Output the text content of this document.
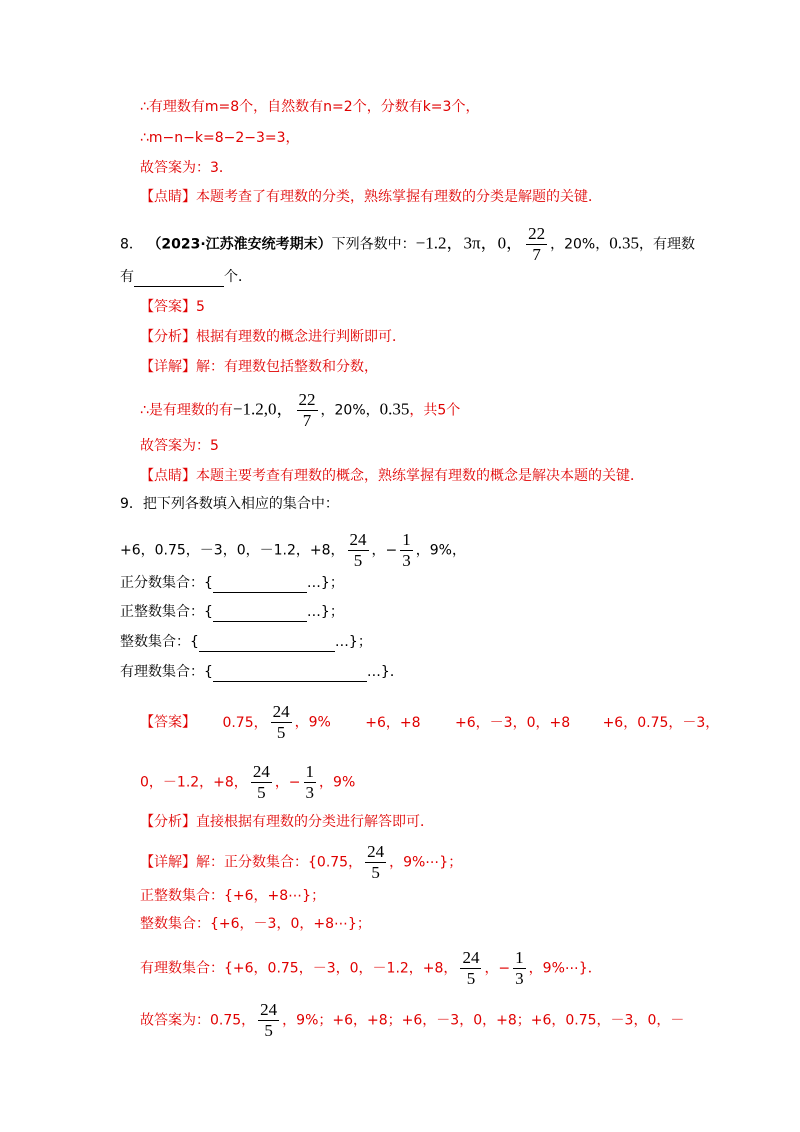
∴有理数有m=8个，自然数有n=2个，分数有k=3个，
∴m−n−k=8−2−3=3，
故答案为：3．
【点睛】本题考查了有理数的分类，熟练掌握有理数的分类是解题的关键．
8． （2023·江苏淮安统考期末）下列各数中：−1.2，3π，0， $\frac{22}{7}$ ，20%，0.35，有理数
有	个．
【答案】5
【分析】根据有理数的概念进行判断即可．
【详解】解：有理数包括整数和分数，
∴是有理数的有−1.2,0， $\frac{22}{7}$ ，20%，0.35，共5个
故答案为：5
【点睛】本题主要考查有理数的概念，熟练掌握有理数的概念是解决本题的关键．
9．把下列各数填入相应的集合中：
+6，0.75，－3，0，－1.2，+8， $\frac{24}{5}$ ，− $\frac{1}{3}$ ，9%，
正分数集合：{	…}；
正整数集合：{	…}；
整数集合：{	…}；
有理数集合：{	…}．
【答案】 0.75， $\frac{24}{5}$ ，9% +6，+8 +6，－3，0，+8 +6，0.75，－3，
0，－1.2，+8， $\frac{24}{5}$ ，− $\frac{1}{3}$ ，9%
【分析】直接根据有理数的分类进行解答即可．
【详解】解：正分数集合：{0.75， $\frac{24}{5}$ ，9%⋯}；
正整数集合：{+6，+8⋯}；
整数集合：{+6，－3，0，+8⋯}；
有理数集合：{+6，0.75，－3，0，－1.2，+8， $\frac{24}{5}$ ，− $\frac{1}{3}$ ，9%⋯}．
故答案为：0.75， $\frac{24}{5}$ ，9%；+6，+8；+6，－3，0，+8；+6，0.75，－3，0，－
